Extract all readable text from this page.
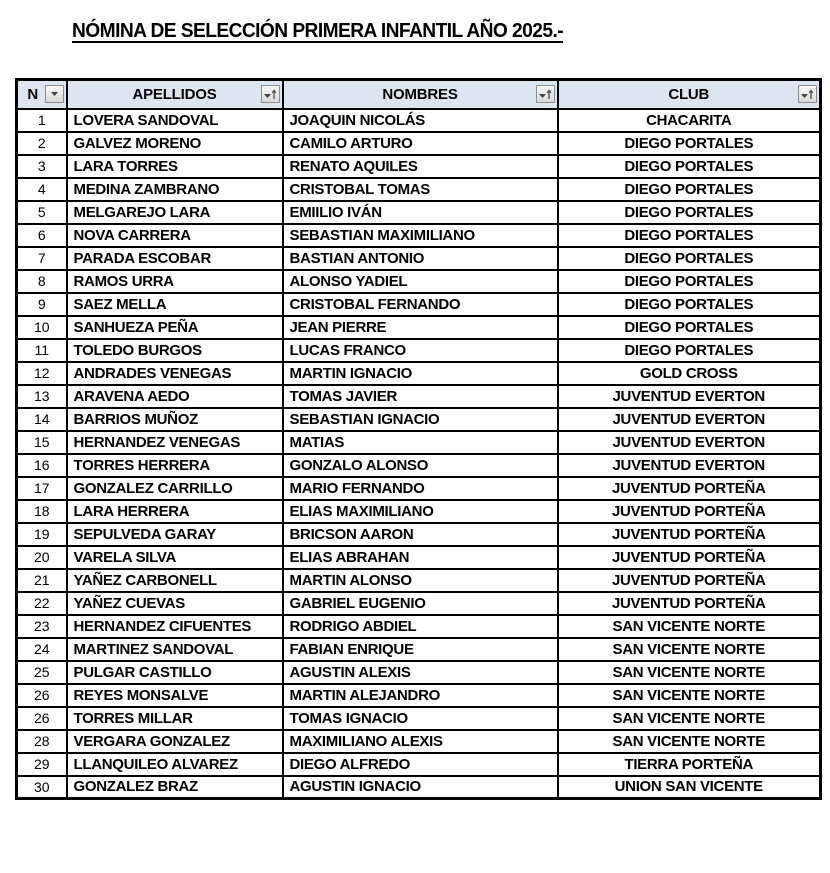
NÓMINA DE SELECCIÓN PRIMERA INFANTIL AÑO 2025.-
N	APELLIDOS	NOMBRES	CLUB

1	LOVERA SANDOVAL	JOAQUIN NICOLÁS	CHACARITA
2	GALVEZ MORENO	CAMILO ARTURO	DIEGO PORTALES
3	LARA TORRES	RENATO AQUILES	DIEGO PORTALES
4	MEDINA ZAMBRANO	CRISTOBAL TOMAS	DIEGO PORTALES
5	MELGAREJO LARA	EMIILIO IVÁN	DIEGO PORTALES
6	NOVA CARRERA	SEBASTIAN MAXIMILIANO	DIEGO PORTALES
7	PARADA ESCOBAR	BASTIAN ANTONIO	DIEGO PORTALES
8	RAMOS URRA	ALONSO YADIEL	DIEGO PORTALES
9	SAEZ MELLA	CRISTOBAL FERNANDO	DIEGO PORTALES
10	SANHUEZA PEÑA	JEAN PIERRE	DIEGO PORTALES
11	TOLEDO BURGOS	LUCAS FRANCO	DIEGO PORTALES
12	ANDRADES VENEGAS	MARTIN IGNACIO	GOLD CROSS
13	ARAVENA AEDO	TOMAS JAVIER	JUVENTUD EVERTON
14	BARRIOS MUÑOZ	SEBASTIAN IGNACIO	JUVENTUD EVERTON
15	HERNANDEZ VENEGAS	MATIAS	JUVENTUD EVERTON
16	TORRES HERRERA	GONZALO ALONSO	JUVENTUD EVERTON
17	GONZALEZ CARRILLO	MARIO FERNANDO	JUVENTUD PORTEÑA
18	LARA HERRERA	ELIAS MAXIMILIANO	JUVENTUD PORTEÑA
19	SEPULVEDA GARAY	BRICSON AARON	JUVENTUD PORTEÑA
20	VARELA SILVA	ELIAS ABRAHAN	JUVENTUD PORTEÑA
21	YAÑEZ CARBONELL	MARTIN ALONSO	JUVENTUD PORTEÑA
22	YAÑEZ CUEVAS	GABRIEL EUGENIO	JUVENTUD PORTEÑA
23	HERNANDEZ CIFUENTES	RODRIGO ABDIEL	SAN VICENTE NORTE
24	MARTINEZ SANDOVAL	FABIAN ENRIQUE	SAN VICENTE NORTE
25	PULGAR CASTILLO	AGUSTIN ALEXIS	SAN VICENTE NORTE
26	REYES MONSALVE	MARTIN ALEJANDRO	SAN VICENTE NORTE
26	TORRES MILLAR	TOMAS IGNACIO	SAN VICENTE NORTE
28	VERGARA GONZALEZ	MAXIMILIANO ALEXIS	SAN VICENTE NORTE
29	LLANQUILEO ALVAREZ	DIEGO ALFREDO	TIERRA PORTEÑA
30	GONZALEZ BRAZ	AGUSTIN IGNACIO	UNION SAN VICENTE
